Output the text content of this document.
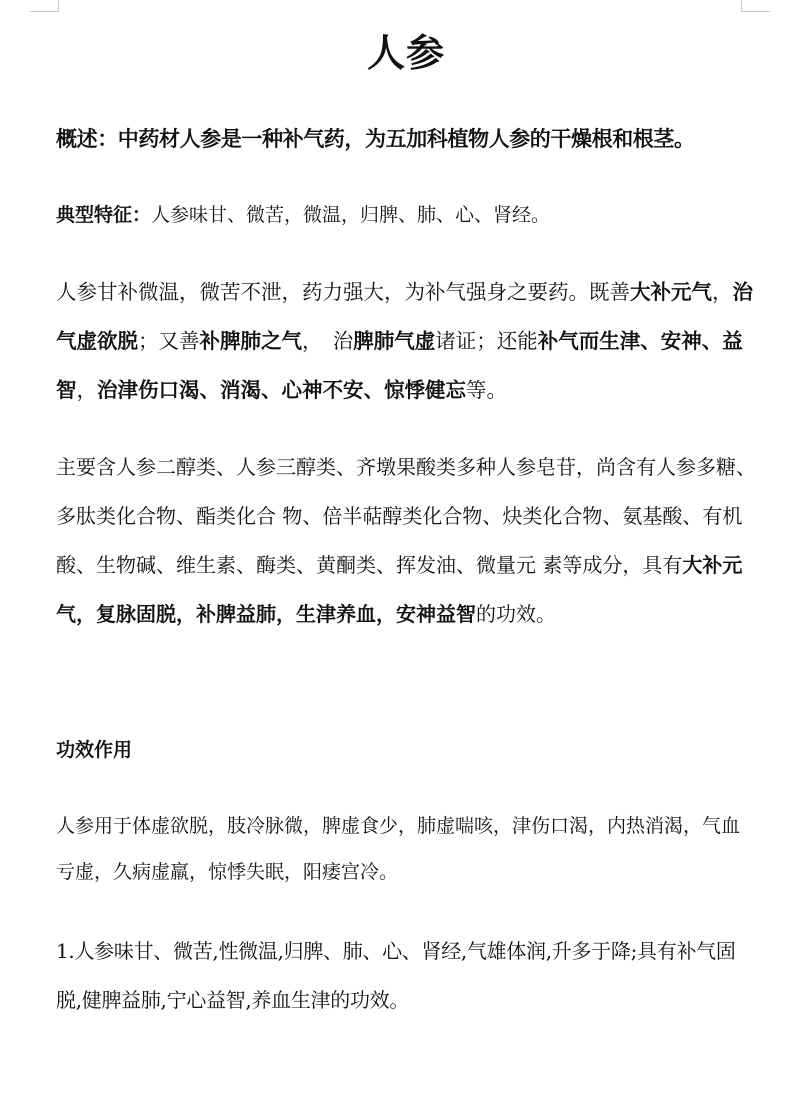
人参
概述：中药材人参是一种补气药，为五加科植物人参的干燥根和根茎。
典型特征：人参味甘、微苦，微温，归脾、肺、心、肾经。
人参甘补微温，微苦不泄，药力强大，为补气强身之要药。既善大补元气，治气虚欲脱；又善补脾肺之气，　治脾肺气虚诸证；还能补气而生津、安神、益智，治津伤口渴、消渴、心神不安、惊悸健忘等。
主要含人参二醇类、人参三醇类、齐墩果酸类多种人参皂苷，尚含有人参多糖、多肽类化合物、酯类化合 物、倍半萜醇类化合物、炔类化合物、氨基酸、有机酸、生物碱、维生素、酶类、黄酮类、挥发油、微量元 素等成分，具有大补元气，复脉固脱，补脾益肺，生津养血，安神益智的功效。
功效作用
人参用于体虚欲脱，肢冷脉微，脾虚食少，肺虚喘咳，津伤口渴，内热消渴，气血亏虚，久病虚羸，惊悸失眠，阳痿宫冷。
1.人参味甘、微苦,性微温,归脾、肺、心、肾经,气雄体润,升多于降;具有补气固脱,健脾益肺,宁心益智,养血生津的功效。
